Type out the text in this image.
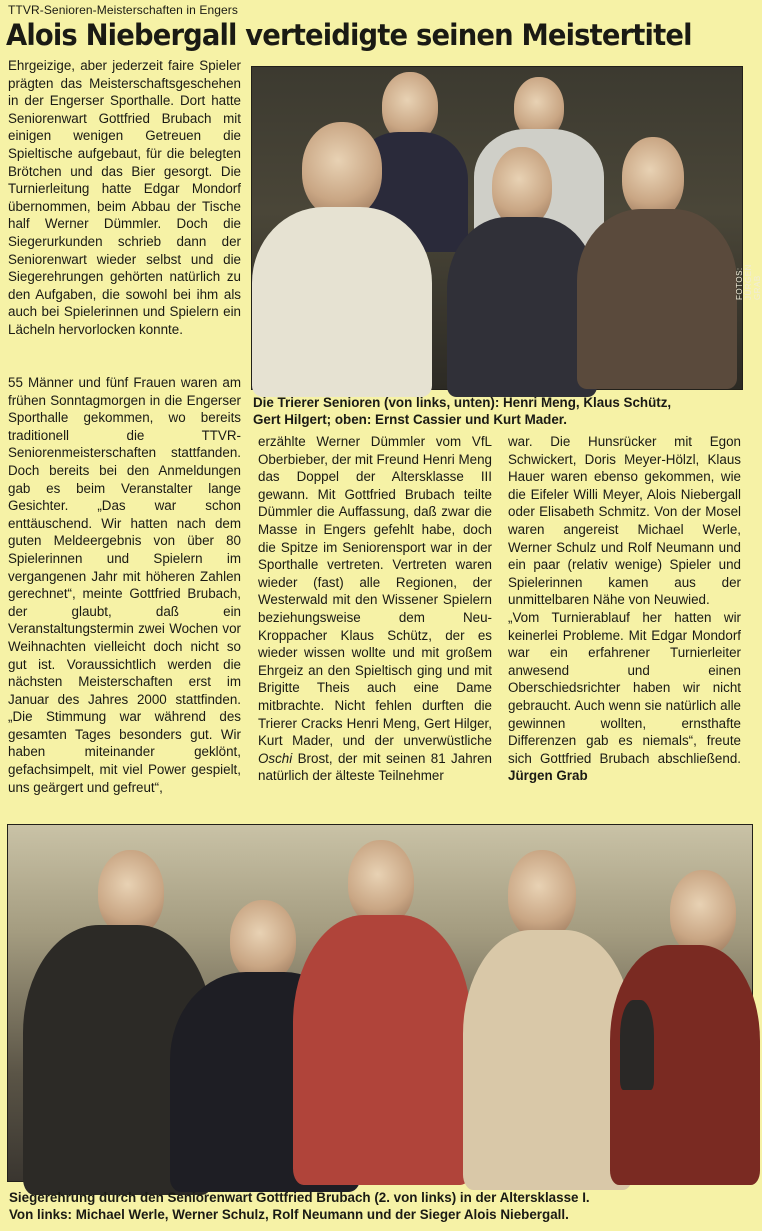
TTVR-Senioren-Meisterschaften in Engers
Alois Niebergall verteidigte seinen Meistertitel

Ehrgeizige, aber jederzeit faire Spieler prägten das Meisterschaftsgeschehen in der Engerser Sporthalle. Dort hatte Seniorenwart Gottfried Brubach mit einigen wenigen Getreuen die Spieltische aufgebaut, für die belegten Brötchen und das Bier gesorgt. Die Turnierleitung hatte Edgar Mondorf übernommen, beim Abbau der Tische half Werner Dümmler. Doch die Siegerurkunden schrieb dann der Seniorenwart wieder selbst und die Siegerehrungen gehörten natürlich zu den Aufgaben, die sowohl bei ihm als auch bei Spielerinnen und Spielern ein Lächeln hervorlocken konnte.

FOTOS: JÜRGEN GRAB
Die Trierer Senioren (von links, unten): Henri Meng, Klaus Schütz,
Gert Hilgert; oben: Ernst Cassier und Kurt Mader.

55 Männer und fünf Frauen waren am frühen Sonntagmorgen in die Engerser Sporthalle gekommen, wo bereits traditionell die TTVR-Seniorenmeisterschaften stattfanden. Doch bereits bei den Anmeldungen gab es beim Veranstalter lange Gesichter. „Das war schon enttäuschend. Wir hatten nach dem guten Meldeergebnis von über 80 Spielerinnen und Spielern im vergangenen Jahr mit höheren Zahlen gerechnet“, meinte Gottfried Brubach, der glaubt, daß ein Veranstaltungstermin zwei Wochen vor Weihnachten vielleicht doch nicht so gut ist. Voraussichtlich werden die nächsten Meisterschaften erst im Januar des Jahres 2000 stattfinden. „Die Stimmung war während des gesamten Tages besonders gut. Wir haben miteinander geklönt, gefachsimpelt, mit viel Power gespielt, uns geärgert und gefreut“,

erzählte Werner Dümmler vom VfL Oberbieber, der mit Freund Henri Meng das Doppel der Altersklasse III gewann. Mit Gottfried Brubach teilte Dümmler die Auffassung, daß zwar die Masse in Engers gefehlt habe, doch die Spitze im Seniorensport war in der Sporthalle vertreten. Vertreten waren wieder (fast) alle Regionen, der Westerwald mit den Wissener Spielern beziehungsweise dem Neu-Kroppacher Klaus Schütz, der es wieder wissen wollte und mit großem Ehrgeiz an den Spieltisch ging und mit Brigitte Theis auch eine Dame mitbrachte. Nicht fehlen durften die Trierer Cracks Henri Meng, Gert Hilger, Kurt Mader, und der unverwüstliche Oschi Brost, der mit seinen 81 Jahren natürlich der älteste Teilnehmer

war. Die Hunsrücker mit Egon Schwickert, Doris Meyer-Hölzl, Klaus Hauer waren ebenso gekommen, wie die Eifeler Willi Meyer, Alois Niebergall oder Elisabeth Schmitz. Von der Mosel waren angereist Michael Werle, Werner Schulz und Rolf Neumann und ein paar (relativ wenige) Spieler und Spielerinnen kamen aus der unmittelbaren Nähe von Neuwied.

„Vom Turnierablauf her hatten wir keinerlei Probleme. Mit Edgar Mondorf war ein erfahrener Turnierleiter anwesend und einen Oberschiedsrichter haben wir nicht gebraucht. Auch wenn sie natürlich alle gewinnen wollten, ernsthafte Differenzen gab es niemals“, freute sich Gottfried Brubach abschließend. Jürgen Grab

Siegerehrung durch den Seniorenwart Gottfried Brubach (2. von links) in der Altersklasse I.
Von links: Michael Werle, Werner Schulz, Rolf Neumann und der Sieger Alois Niebergall.
